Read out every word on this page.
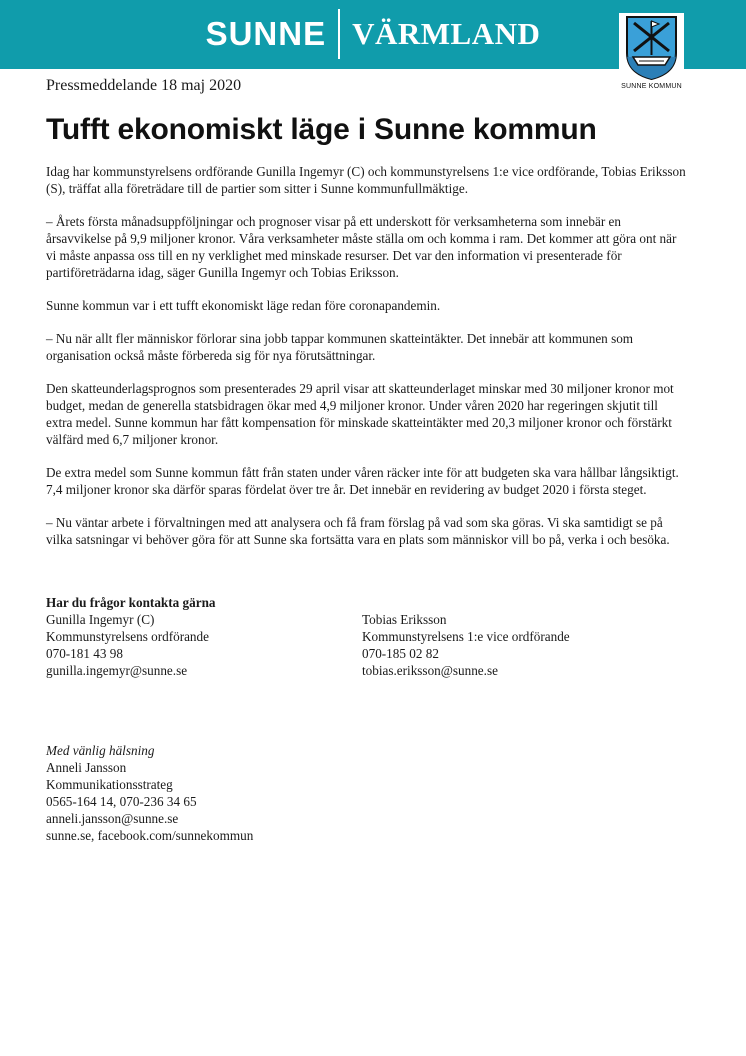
SUNNE VÄRMLAND
SUNNE KOMMUN
Pressmeddelande 18 maj 2020
Tufft ekonomiskt läge i Sunne kommun

Idag har kommunstyrelsens ordförande Gunilla Ingemyr (C) och kommunstyrelsens 1:e vice ordförande, Tobias Eriksson (S), träffat alla företrädare till de partier som sitter i Sunne kommunfullmäktige.

– Årets första månadsuppföljningar och prognoser visar på ett underskott för verksamheterna som innebär en årsavvikelse på 9,9 miljoner kronor. Våra verksamheter måste ställa om och komma i ram. Det kommer att göra ont när vi måste anpassa oss till en ny verklighet med minskade resurser. Det var den information vi presenterade för partiföreträdarna idag, säger Gunilla Ingemyr och Tobias Eriksson.

Sunne kommun var i ett tufft ekonomiskt läge redan före coronapandemin.

– Nu när allt fler människor förlorar sina jobb tappar kommunen skatteintäkter. Det innebär att kommunen som organisation också måste förbereda sig för nya förutsättningar.

Den skatteunderlagsprognos som presenterades 29 april visar att skatteunderlaget minskar med 30 miljoner kronor mot budget, medan de generella statsbidragen ökar med 4,9 miljoner kronor. Under våren 2020 har regeringen skjutit till extra medel. Sunne kommun har fått kompensation för minskade skatteintäkter med 20,3 miljoner kronor och förstärkt välfärd med 6,7 miljoner kronor.

De extra medel som Sunne kommun fått från staten under våren räcker inte för att budgeten ska vara hållbar långsiktigt. 7,4 miljoner kronor ska därför sparas fördelat över tre år. Det innebär en revidering av budget 2020 i första steget.

– Nu väntar arbete i förvaltningen med att analysera och få fram förslag på vad som ska göras. Vi ska samtidigt se på vilka satsningar vi behöver göra för att Sunne ska fortsätta vara en plats som människor vill bo på, verka i och besöka.

Har du frågor kontakta gärna
Gunilla Ingemyr (C)
Kommunstyrelsens ordförande
070-181 43 98
gunilla.ingemyr@sunne.se
Tobias Eriksson
Kommunstyrelsens 1:e vice ordförande
070-185 02 82
tobias.eriksson@sunne.se
Med vänlig hälsning
Anneli Jansson
Kommunikationsstrateg
0565-164 14, 070-236 34 65
anneli.jansson@sunne.se
sunne.se, facebook.com/sunnekommun
